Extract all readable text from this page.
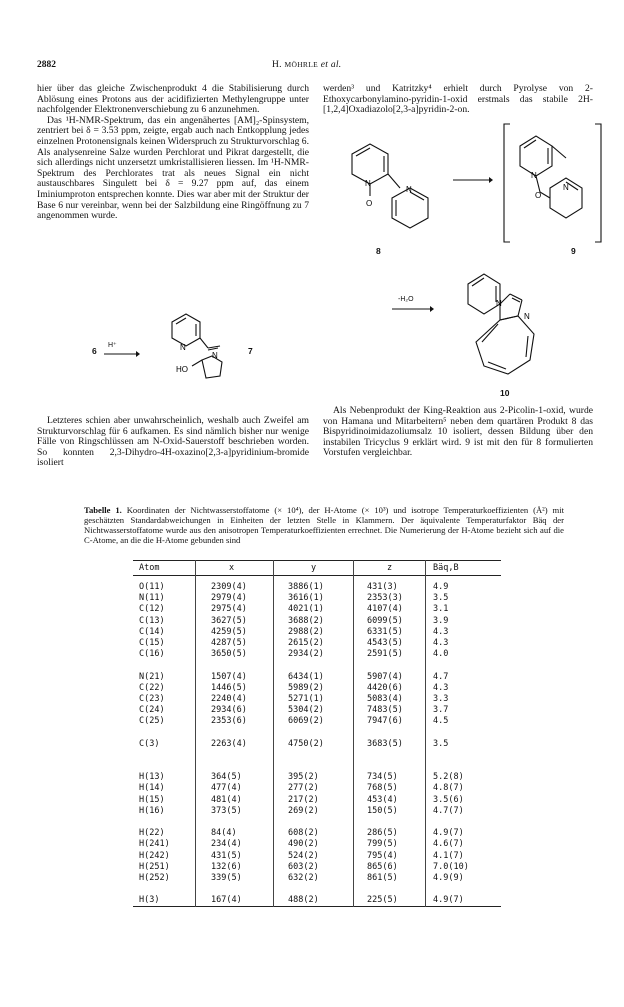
2882	H. MÖHRLE et al.

hier über das gleiche Zwischenprodukt 4 die Stabilisierung durch Ablösung eines Protons aus der acidifizierten Methylengruppe unter nachfolgender Elektronenverschiebung zu 6 anzunehmen.

Das ¹H-NMR-Spektrum, das ein angenähertes [AM]₂-Spinsystem, zentriert bei δ = 3.53 ppm, zeigte, ergab auch nach Entkopplung jedes einzelnen Protonensignals keinen Widerspruch zu Strukturvorschlag 6. Als analysenreine Salze wurden Perchlorat und Pikrat dargestellt, die sich allerdings nicht unzersetzt umkristallisieren liessen. Im ¹H-NMR-Spektrum des Perchlorates trat als neues Signal ein nicht austauschbares Singulett bei δ = 9.27 ppm auf, das einem Iminiumproton entsprechen konnte. Dies war aber mit der Struktur der Base 6 nur vereinbar, wenn bei der Salzbildung eine Ringöffnung zu 7 angenommen wurde.

werden³ und Katritzky⁴ erhielt durch Pyrolyse von 2-Ethoxycarbonylamino-pyridin-1-oxid erstmals das stabile 2H-[1,2,4]Oxadiazolo[2,3-a]pyridin-2-on.

N
O
N
8
N
O
N
9
-H₂O	N
N
10
6
H⁺	N
N
HO
7

Letzteres schien aber unwahrscheinlich, weshalb auch Zweifel am Strukturvorschlag für 6 aufkamen. Es sind nämlich bisher nur wenige Fälle von Ringschlüssen am N-Oxid-Sauerstoff beschrieben worden. So konnten 2,3-Dihydro-4H-oxazino[2,3-a]pyridinium-bromide isoliert

Als Nebenprodukt der King-Reaktion aus 2-Picolin-1-oxid, wurde von Hamana und Mitarbeitern⁵ neben dem quartären Produkt 8 das Bispyridinoimidazoliumsalz 10 isoliert, dessen Bildung über den instabilen Tricyclus 9 erklärt wird. 9 ist mit den für 8 formulierten Vorstufen vergleichbar.

Tabelle 1. Koordinaten der Nichtwasserstoffatome (× 10⁴), der H-Atome (× 10³) und isotrope Temperaturkoeffizienten (Å²) mit geschätzten Standardabweichungen in Einheiten der letzten Stelle in Klammern. Der äquivalente Temperaturfaktor Bäq der Nichtwasserstoffatome wurde aus den anisotropen Temperaturkoeffizienten errechnet. Die Numerierung der H-Atome bezieht sich auf die C-Atome, an die die H-Atome gebunden sind
Atom	x	y	z	Bäq,B
O(11)	2309(4)	3886(1)	431(3)	4.9
N(11)	2979(4)	3616(1)	2353(3)	3.5
C(12)	2975(4)	4021(1)	4107(4)	3.1
C(13)	3627(5)	3688(2)	6099(5)	3.9
C(14)	4259(5)	2988(2)	6331(5)	4.3
C(15)	4287(5)	2615(2)	4543(5)	4.3
C(16)	3650(5)	2934(2)	2591(5)	4.0
N(21)	1507(4)	6434(1)	5907(4)	4.7
C(22)	1446(5)	5989(2)	4420(6)	4.3
C(23)	2240(4)	5271(1)	5083(4)	3.3
C(24)	2934(6)	5304(2)	7483(5)	3.7
C(25)	2353(6)	6069(2)	7947(6)	4.5
C(3)	2263(4)	4750(2)	3683(5)	3.5
H(13)	364(5)	395(2)	734(5)	5.2(8)
H(14)	477(4)	277(2)	768(5)	4.8(7)
H(15)	481(4)	217(2)	453(4)	3.5(6)
H(16)	373(5)	269(2)	150(5)	4.7(7)
H(22)	84(4)	608(2)	286(5)	4.9(7)
H(241)	234(4)	490(2)	799(5)	4.6(7)
H(242)	431(5)	524(2)	795(4)	4.1(7)
H(251)	132(6)	603(2)	865(6)	7.0(10)
H(252)	339(5)	632(2)	861(5)	4.9(9)
H(3)	167(4)	488(2)	225(5)	4.9(7)
